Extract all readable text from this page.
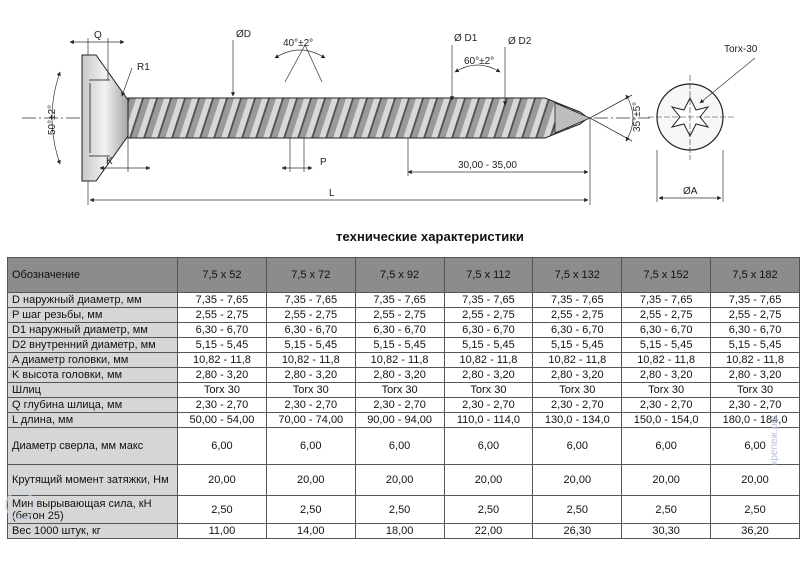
Q	ØD
40°±2°	Ø D1	Ø D2
60°±2°
Torx-30
R1
50°±2°	35°±5°
K	P	30,00 - 35,00
L	ØA
технические характеристики
Обозначение	7,5 x 52	7,5 x 72	7,5 x 92	7,5 x 112	7,5 x 132	7,5 x 152	7,5 x 182
D наружный диаметр, мм	7,35 - 7,65	7,35 - 7,65	7,35 - 7,65	7,35 - 7,65	7,35 - 7,65	7,35 - 7,65	7,35 - 7,65
P шаг резьбы, мм	2,55 - 2,75	2,55 - 2,75	2,55 - 2,75	2,55 - 2,75	2,55 - 2,75	2,55 - 2,75	2,55 - 2,75
D1 наружный диаметр, мм	6,30 - 6,70	6,30 - 6,70	6,30 - 6,70	6,30 - 6,70	6,30 - 6,70	6,30 - 6,70	6,30 - 6,70
D2 внутренний диаметр, мм	5,15 - 5,45	5,15 - 5,45	5,15 - 5,45	5,15 - 5,45	5,15 - 5,45	5,15 - 5,45	5,15 - 5,45
A диаметр головки, мм	10,82 - 11,8	10,82 - 11,8	10,82 - 11,8	10,82 - 11,8	10,82 - 11,8	10,82 - 11,8	10,82 - 11,8
K высота головки, мм	2,80 - 3,20	2,80 - 3,20	2,80 - 3,20	2,80 - 3,20	2,80 - 3,20	2,80 - 3,20	2,80 - 3,20
Шлиц	Torx 30	Torx 30	Torx 30	Torx 30	Torx 30	Torx 30	Torx 30
Q глубина шлица, мм	2,30 - 2,70	2,30 - 2,70	2,30 - 2,70	2,30 - 2,70	2,30 - 2,70	2,30 - 2,70	2,30 - 2,70
L длина, мм	50,00 - 54,00	70,00 - 74,00	90,00 - 94,00	110,0 - 114,0	130,0 - 134,0	150,0 - 154,0	180,0 - 184,0
Диаметр сверла, мм макс	6,00	6,00	6,00	6,00	6,00	6,00	6,00
Крутящий момент затяжки, Нм	20,00	20,00	20,00	20,00	20,00	20,00	20,00
Мин вырывающая сила, кН (бетон 25)	2,50	2,50	2,50	2,50	2,50	2,50	2,50
Вес 1000 штук, кг	11,00	14,00	18,00	22,00	26,30	30,30	36,20
крепеж.рф
